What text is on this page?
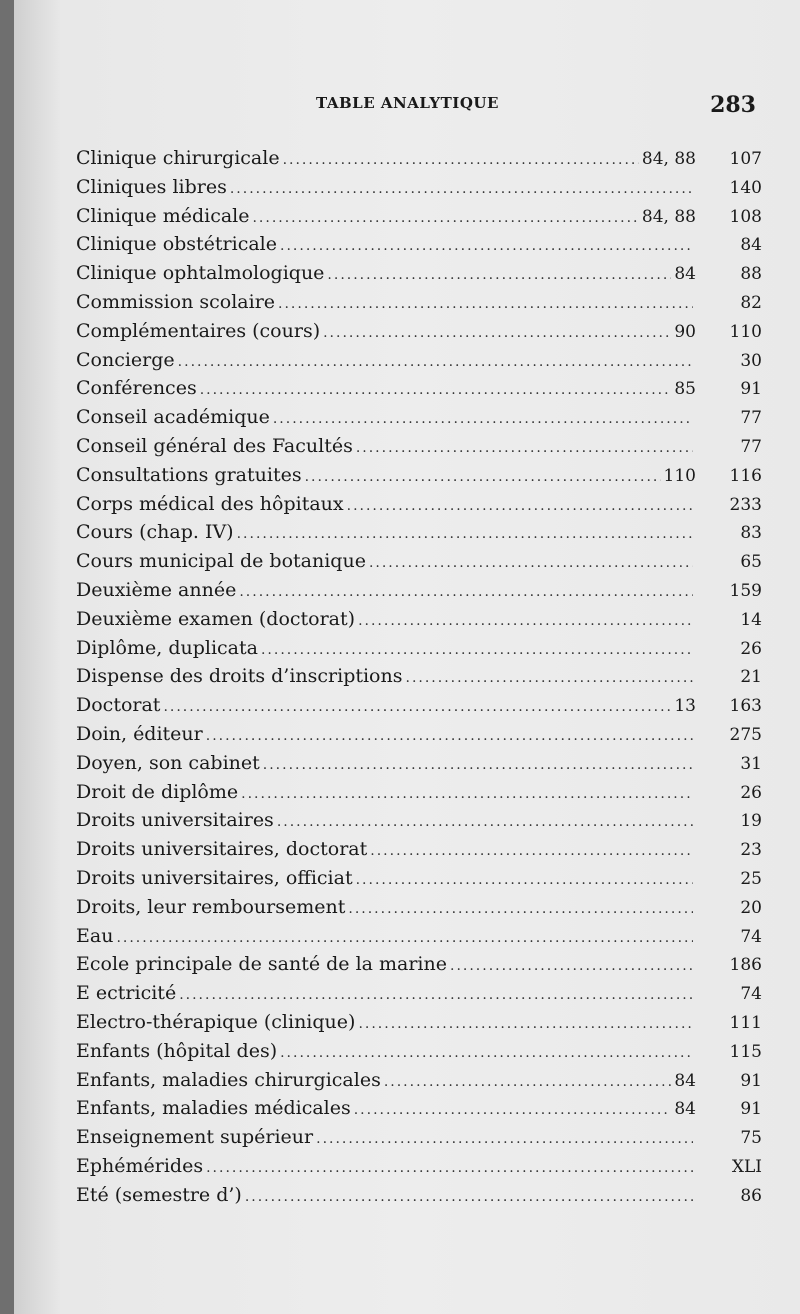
TABLE ANALYTIQUE	283
Clinique chirurgicale .....	84, 88	107
Cliniques libres .....	140
Clinique médicale .....	84, 88	108
Clinique obstétricale .....	84
Clinique ophtalmologique .....	84	88
Commission scolaire .....	82
Complémentaires (cours) .....	90	110
Concierge .....	30
Conférences .....	85	91
Conseil académique .....	77
Conseil général des Facultés .....	77
Consultations gratuites .....	110	116
Corps médical des hôpitaux .....	233
Cours (chap. IV) .....	83
Cours municipal de botanique .....	65
Deuxième année .....	159
Deuxième examen (doctorat) .....	14
Diplôme, duplicata .....	26
Dispense des droits d’inscriptions .....	21
Doctorat .....	13	163
Doin, éditeur .....	275
Doyen, son cabinet .....	31
Droit de diplôme .....	26
Droits universitaires .....	19
Droits universitaires, doctorat .....	23
Droits universitaires, officiat .....	25
Droits, leur remboursement .....	20
Eau .....	74
Ecole principale de santé de la marine .....	186
E ectricité .....	74
Electro-thérapique (clinique) .....	111
Enfants (hôpital des) .....	115
Enfants, maladies chirurgicales .....	84	91
Enfants, maladies médicales .....	84	91
Enseignement supérieur .....	75
Ephémérides .....	XLI
Eté (semestre d’) .....	86
